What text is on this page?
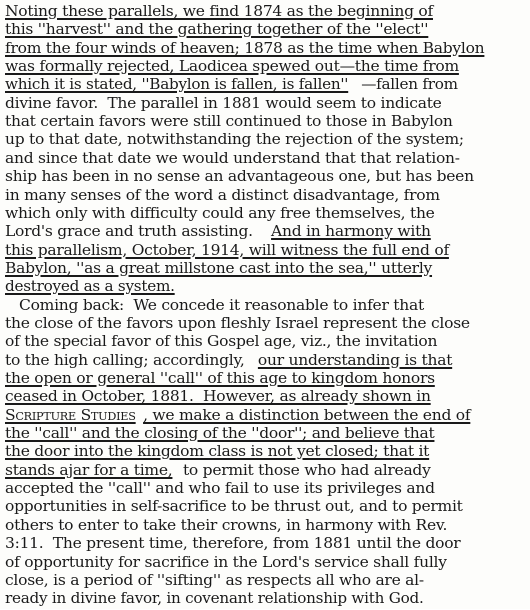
Noting these parallels, we find 1874 as the beginning of
this ''harvest'' and the gathering together of the ''elect''
from the four winds of heaven; 1878 as the time when Babylon
was formally rejected, Laodicea spewed out—the time from
which it is stated, ''Babylon is fallen, is fallen'' —fallen from
divine favor.  The parallel in 1881 would seem to indicate
that certain favors were still continued to those in Babylon
up to that date, notwithstanding the rejection of the system;
and since that date we would understand that that relation-
ship has been in no sense an advantageous one, but has been
in many senses of the word a distinct disadvantage, from
which only with difficulty could any free themselves, the
Lord's grace and truth assisting. And in harmony with
this parallelism, October, 1914, will witness the full end of
Babylon, ''as a great millstone cast into the sea,'' utterly
destroyed as a system.
Coming back:  We concede it reasonable to infer that
the close of the favors upon fleshly Israel represent the close
of the special favor of this Gospel age, viz., the invitation
to the high calling; accordingly, our understanding is that
the open or general ''call'' of this age to kingdom honors
ceased in October, 1881.  However, as already shown in
Scripture Studies , we make a distinction between the end of
the ''call'' and the closing of the ''door''; and believe that
the door into the kingdom class is not yet closed; that it
stands ajar for a time, to permit those who had already
accepted the ''call'' and who fail to use its privileges and
opportunities in self-sacrifice to be thrust out, and to permit
others to enter to take their crowns, in harmony with Rev.
3:11.  The present time, therefore, from 1881 until the door
of opportunity for sacrifice in the Lord's service shall fully
close, is a period of ''sifting'' as respects all who are al-
ready in divine favor, in covenant relationship with God.
